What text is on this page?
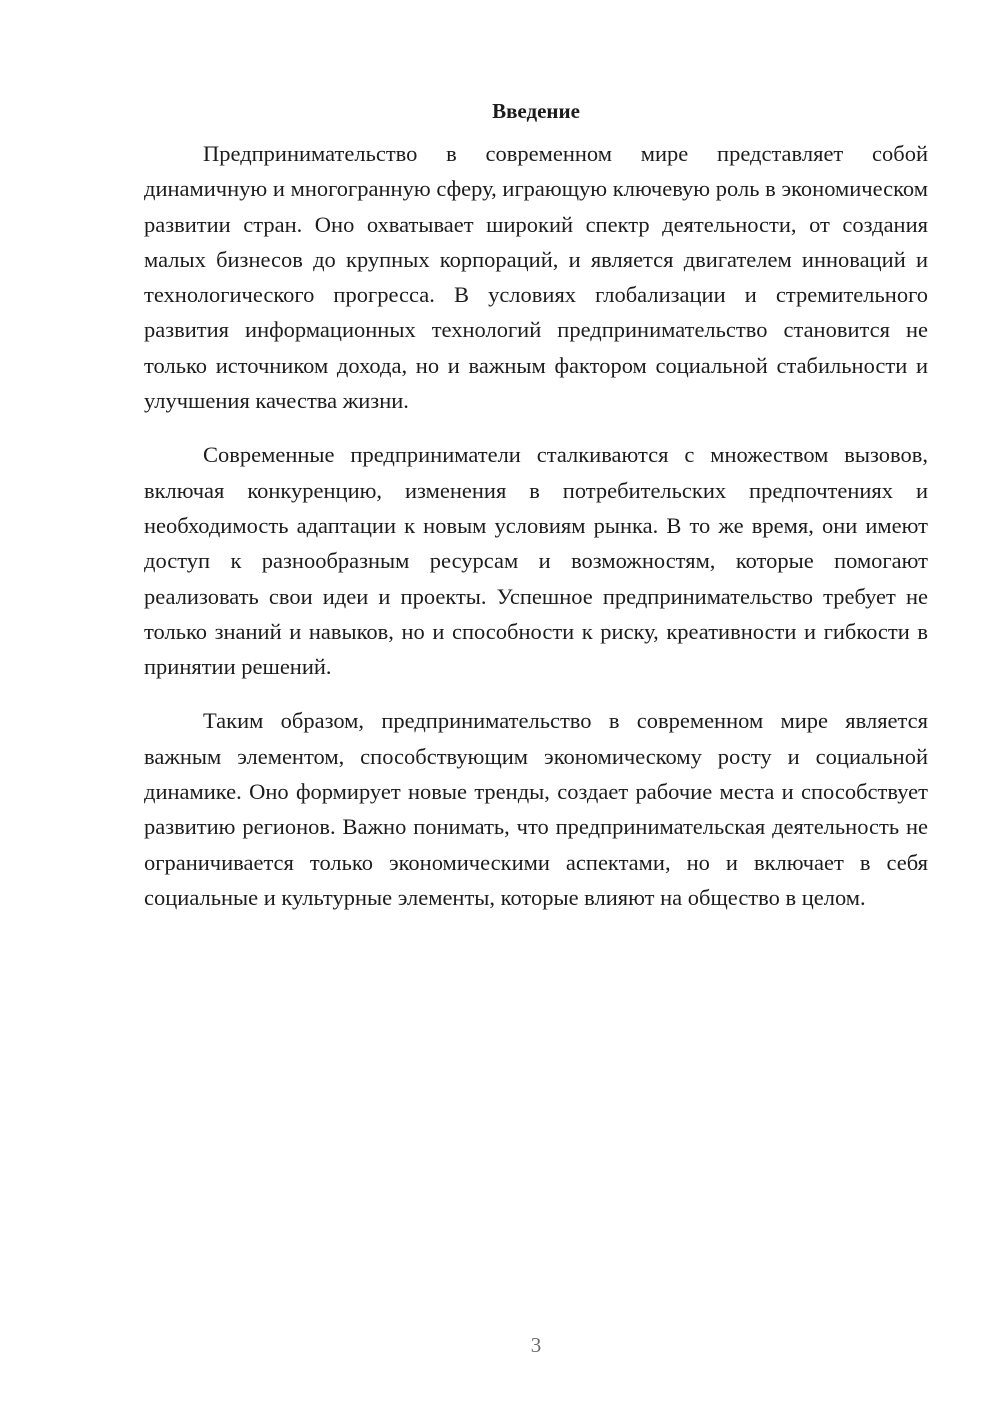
Введение

Предпринимательство в современном мире представляет собой динамичную и многогранную сферу, играющую ключевую роль в экономическом развитии стран. Оно охватывает широкий спектр деятельности, от создания малых бизнесов до крупных корпораций, и является двигателем инноваций и технологического прогресса. В условиях глобализации и стремительного развития информационных технологий предпринимательство становится не только источником дохода, но и важным фактором социальной стабильности и улучшения качества жизни.

Современные предприниматели сталкиваются с множеством вызовов, включая конкуренцию, изменения в потребительских предпочтениях и необходимость адаптации к новым условиям рынка. В то же время, они имеют доступ к разнообразным ресурсам и возможностям, которые помогают реализовать свои идеи и проекты. Успешное предпринимательство требует не только знаний и навыков, но и способности к риску, креативности и гибкости в принятии решений.

Таким образом, предпринимательство в современном мире является важным элементом, способствующим экономическому росту и социальной динамике. Оно формирует новые тренды, создает рабочие места и способствует развитию регионов. Важно понимать, что предпринимательская деятельность не ограничивается только экономическими аспектами, но и включает в себя социальные и культурные элементы, которые влияют на общество в целом.

3
